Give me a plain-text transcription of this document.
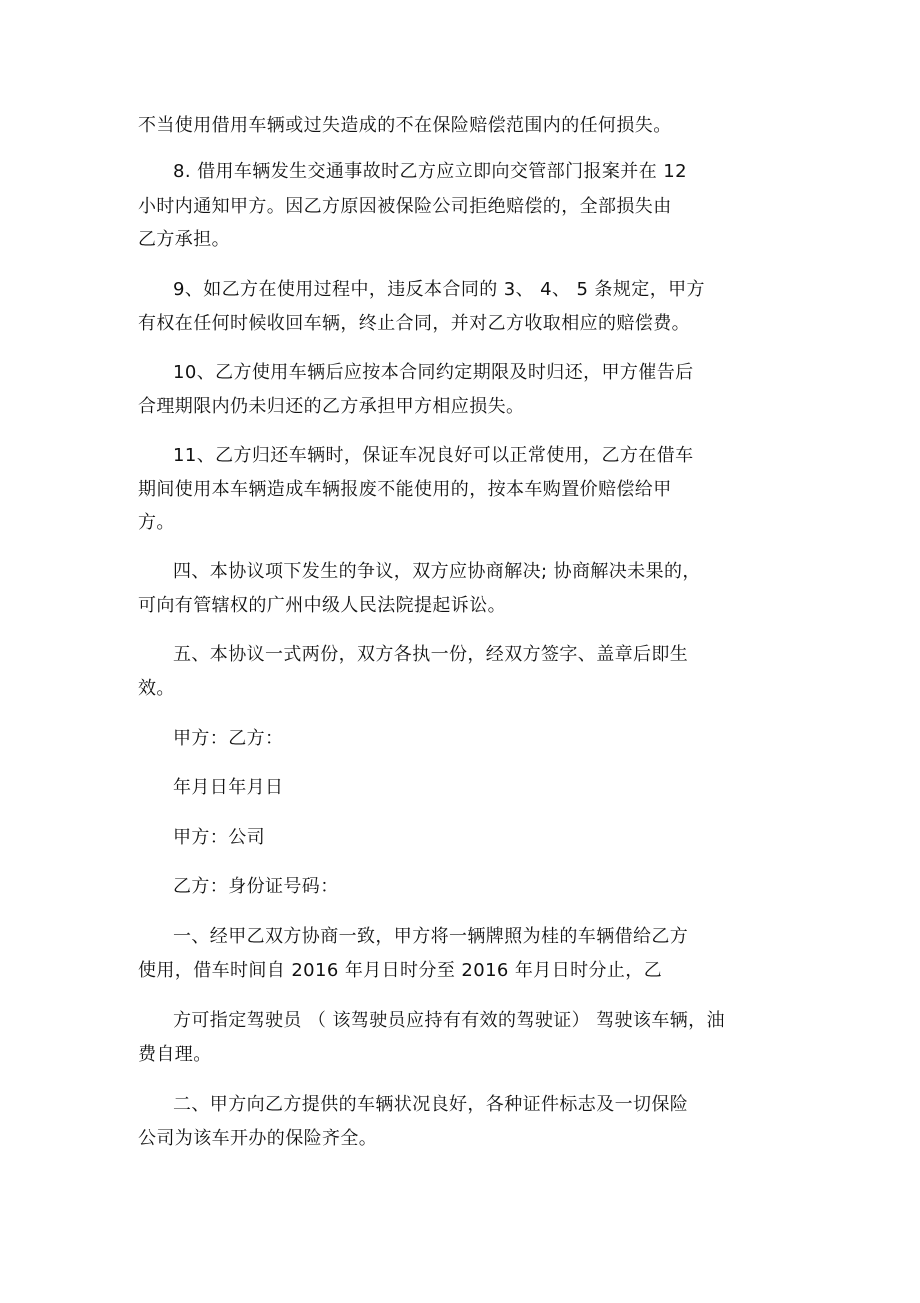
不当使用借用车辆或过失造成的不在保险赔偿范围内的任何损失。
8. 借用车辆发生交通事故时乙方应立即向交管部门报案并在 12
小时内通知甲方。因乙方原因被保险公司拒绝赔偿的，全部损失由
乙方承担。
9、如乙方在使用过程中，违反本合同的 3、 4、 5 条规定，甲方
有权在任何时候收回车辆，终止合同，并对乙方收取相应的赔偿费。
10、乙方使用车辆后应按本合同约定期限及时归还，甲方催告后
合理期限内仍未归还的乙方承担甲方相应损失。
11、乙方归还车辆时，保证车况良好可以正常使用，乙方在借车
期间使用本车辆造成车辆报废不能使用的，按本车购置价赔偿给甲
方。
四、本协议项下发生的争议，双方应协商解决; 协商解决未果的，
可向有管辖权的广州中级人民法院提起诉讼。
五、本协议一式两份，双方各执一份，经双方签字、盖章后即生
效。
甲方：乙方：
年月日年月日
甲方：公司
乙方：身份证号码：
一、经甲乙双方协商一致，甲方将一辆牌照为桂的车辆借给乙方
使用，借车时间自 2016 年月日时分至 2016 年月日时分止，乙
方可指定驾驶员 （ 该驾驶员应持有有效的驾驶证） 驾驶该车辆，油
费自理。
二、甲方向乙方提供的车辆状况良好，各种证件标志及一切保险
公司为该车开办的保险齐全。
